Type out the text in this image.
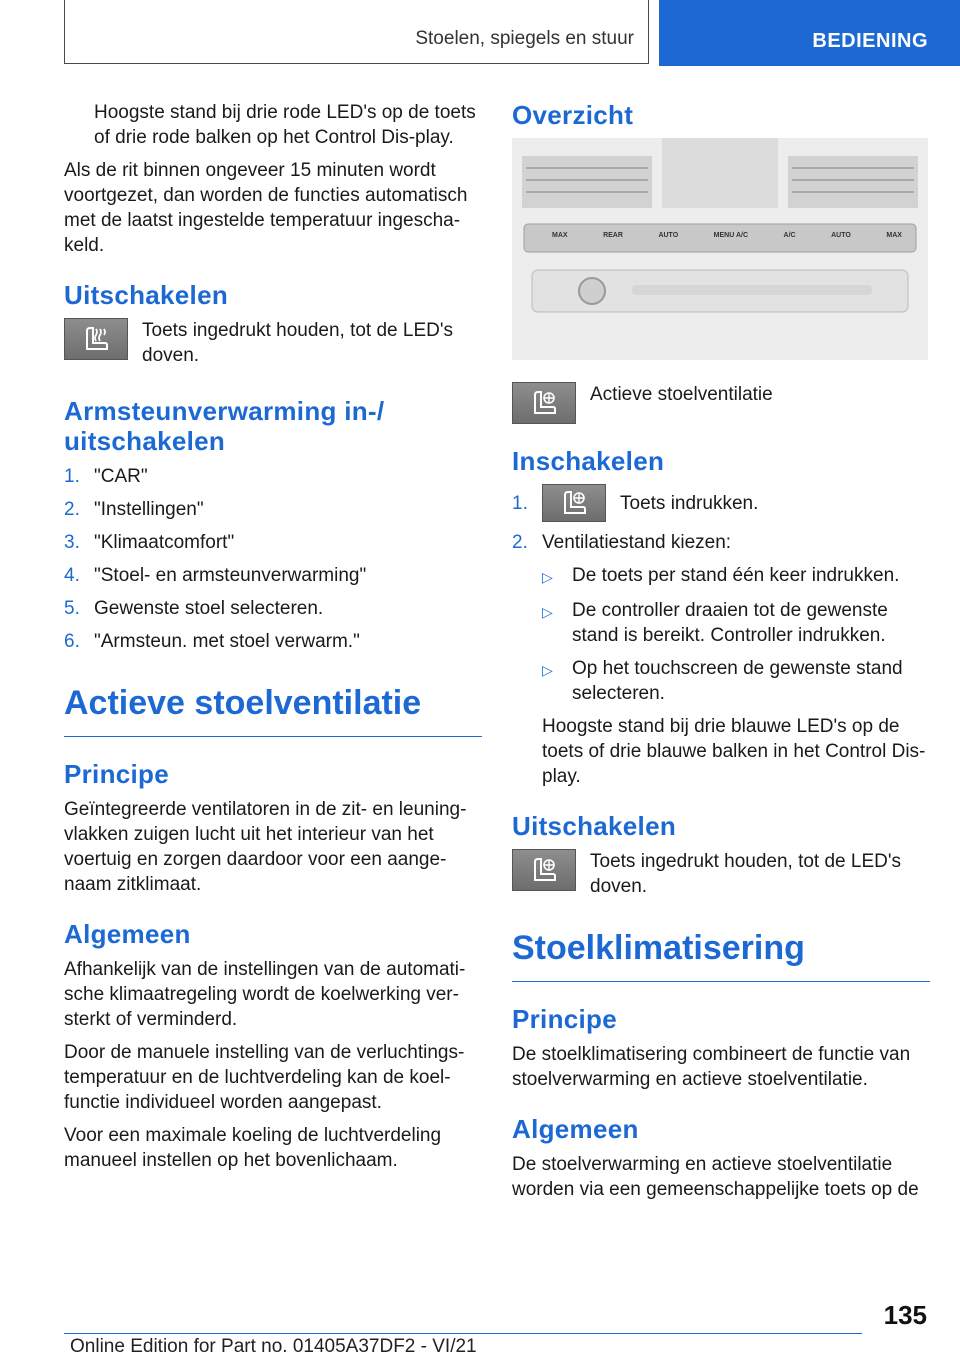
Stoelen, spiegels en stuur	BEDIENING

Hoogste stand bij drie rode LED's op de toets of drie rode balken op het Control Dis-play.

Als de rit binnen ongeveer 15 minuten wordt voortgezet, dan worden de functies automatisch met de laatst ingestelde temperatuur ingescha-keld.

Uitschakelen

Toets ingedrukt houden, tot de LED's doven.

Armsteunverwarming in-/ uitschakelen
1. "CAR"
2. "Instellingen"
3. "Klimaatcomfort"
4. "Stoel- en armsteunverwarming"
5. Gewenste stoel selecteren.
6. "Armsteun. met stoel verwarm."
Actieve stoelventilatie
Principe

Geïntegreerde ventilatoren in de zit- en leuning-vlakken zuigen lucht uit het interieur van het voertuig en zorgen daardoor voor een aange-naam zitklimaat.

Algemeen

Afhankelijk van de instellingen van de automati-sche klimaatregeling wordt de koelwerking ver-sterkt of verminderd.

Door de manuele instelling van de verluchtings-temperatuur en de luchtverdeling kan de koel-functie individueel worden aangepast.

Voor een maximale koeling de luchtverdeling manueel instellen op het bovenlichaam.

Overzicht
MAX	REAR	AUTO	MENU A/C	A/C	AUTO	MAX

Actieve stoelventilatie

Inschakelen
1.	Toets indrukken.
2. Ventilatiestand kiezen:
▷	De toets per stand één keer indrukken.
▷	De controller draaien tot de gewenste stand is bereikt. Controller indrukken.
▷	Op het touchscreen de gewenste stand selecteren.

Hoogste stand bij drie blauwe LED's op de toets of drie blauwe balken in het Control Dis-play.

Uitschakelen

Toets ingedrukt houden, tot de LED's doven.

Stoelklimatisering
Principe

De stoelklimatisering combineert de functie van stoelverwarming en actieve stoelventilatie.

Algemeen

De stoelverwarming en actieve stoelventilatie worden via een gemeenschappelijke toets op de

135
Online Edition for Part no. 01405A37DF2 - VI/21
